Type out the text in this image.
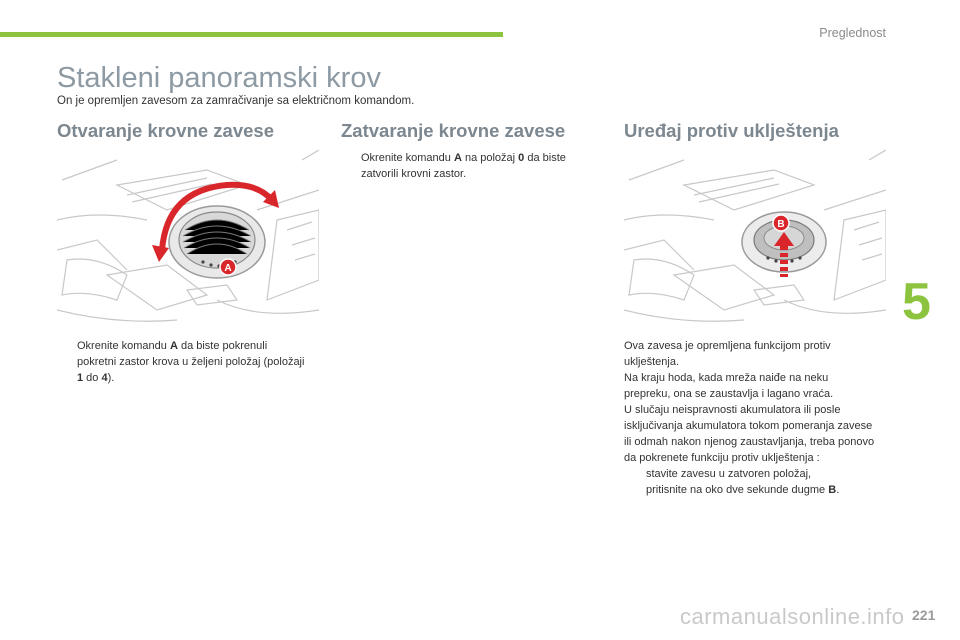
Preglednost
5
221
Stakleni panoramski krov
On je opremljen zavesom za zamračivanje sa električnom komandom.
Otvaranje krovne zavese
A
Okrenite komandu A da biste pokrenuli pokretni zastor krova u željeni položaj (položaji 1 do 4).
Zatvaranje krovne zavese
Okrenite komandu A na položaj 0 da biste zatvorili krovni zastor.
Uređaj protiv uklještenja
B

Ova zavesa je opremljena funkcijom protiv uklještenja.

Na kraju hoda, kada mreža naiđe na neku prepreku, ona se zaustavlja i lagano vraća.

U slučaju neispravnosti akumulatora ili posle isključivanja akumulatora tokom pomeranja zavese ili odmah nakon njenog zaustavljanja, treba ponovo da pokrenete funkciju protiv uklještenja :

stavite zavesu u zatvoren položaj,
pritisnite na oko dve sekunde dugme B.
carmanualsonline.info
